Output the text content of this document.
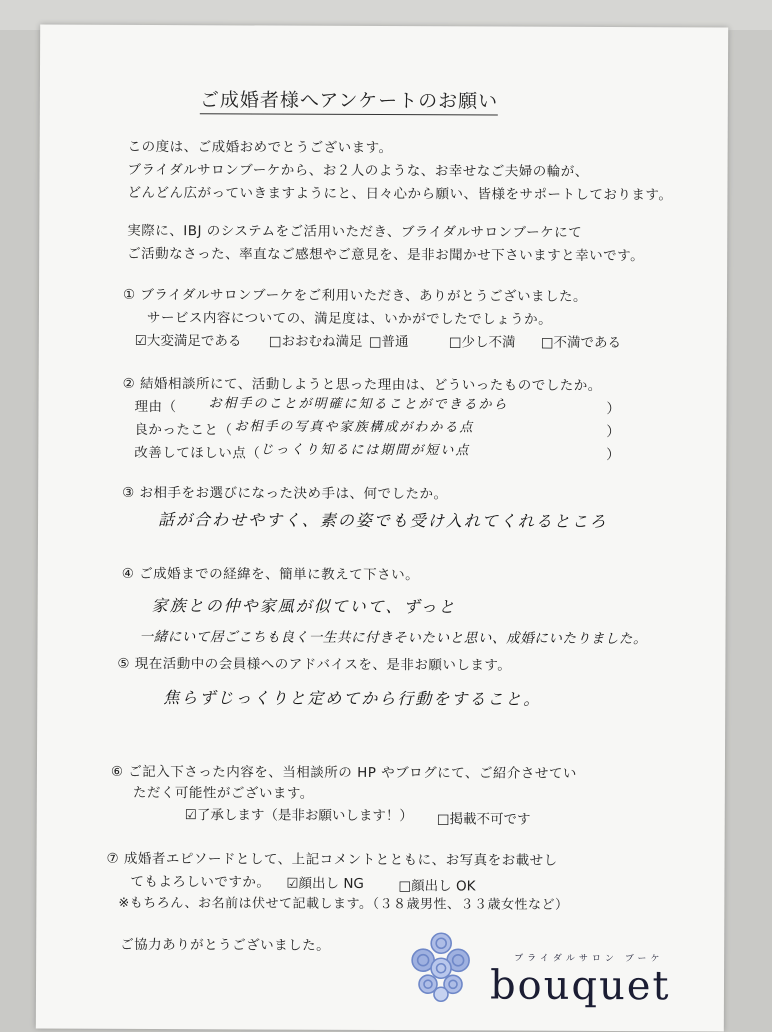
ご成婚者様へアンケートのお願い
この度は、ご成婚おめでとうございます。
ブライダルサロンブーケから、お２人のような、お幸せなご夫婦の輪が、
どんどん広がっていきますようにと、日々心から願い、皆様をサポートしております。
実際に、IBJ のシステムをご活用いただき、ブライダルサロンブーケにて
ご活動なさった、率直なご感想やご意見を、是非お聞かせ下さいますと幸いです。
① ブライダルサロンブーケをご利用いただき、ありがとうございました。
サービス内容についての、満足度は、いかがでしたでしょうか。
☑大変満足である □おおむね満足 □普通	□少し不満 □不満である
② 結婚相談所にて、活動しようと思った理由は、どういったものでしたか。
理由（ お相手のことが明確に知ることができるから	）
良かったこと（ お相手の写真や家族構成がわかる点	）
改善してほしい点（ じっくり知るには期間が短い点	）
③ お相手をお選びになった決め手は、何でしたか。
話が合わせやすく、素の姿でも受け入れてくれるところ
④ ご成婚までの経緯を、簡単に教えて下さい。
家族との仲や家風が似ていて、ずっと
一緒にいて居ごこちも良く一生共に付きそいたいと思い、成婚にいたりました。
⑤ 現在活動中の会員様へのアドバイスを、是非お願いします。
焦らずじっくりと定めてから行動をすること。
⑥ ご記入下さった内容を、当相談所の HP やブログにて、ご紹介させてい
ただく可能性がございます。
☑了承します（是非お願いします！） □掲載不可です
⑦ 成婚者エピソードとして、上記コメントとともに、お写真をお載せし
てもよろしいですか。 ☑顔出し NG	□顔出し OK
※もちろん、お名前は伏せて記載します。（３８歳男性、３３歳女性など）
ご協力ありがとうございました。
ブライダルサロン ブーケ
bouquet
